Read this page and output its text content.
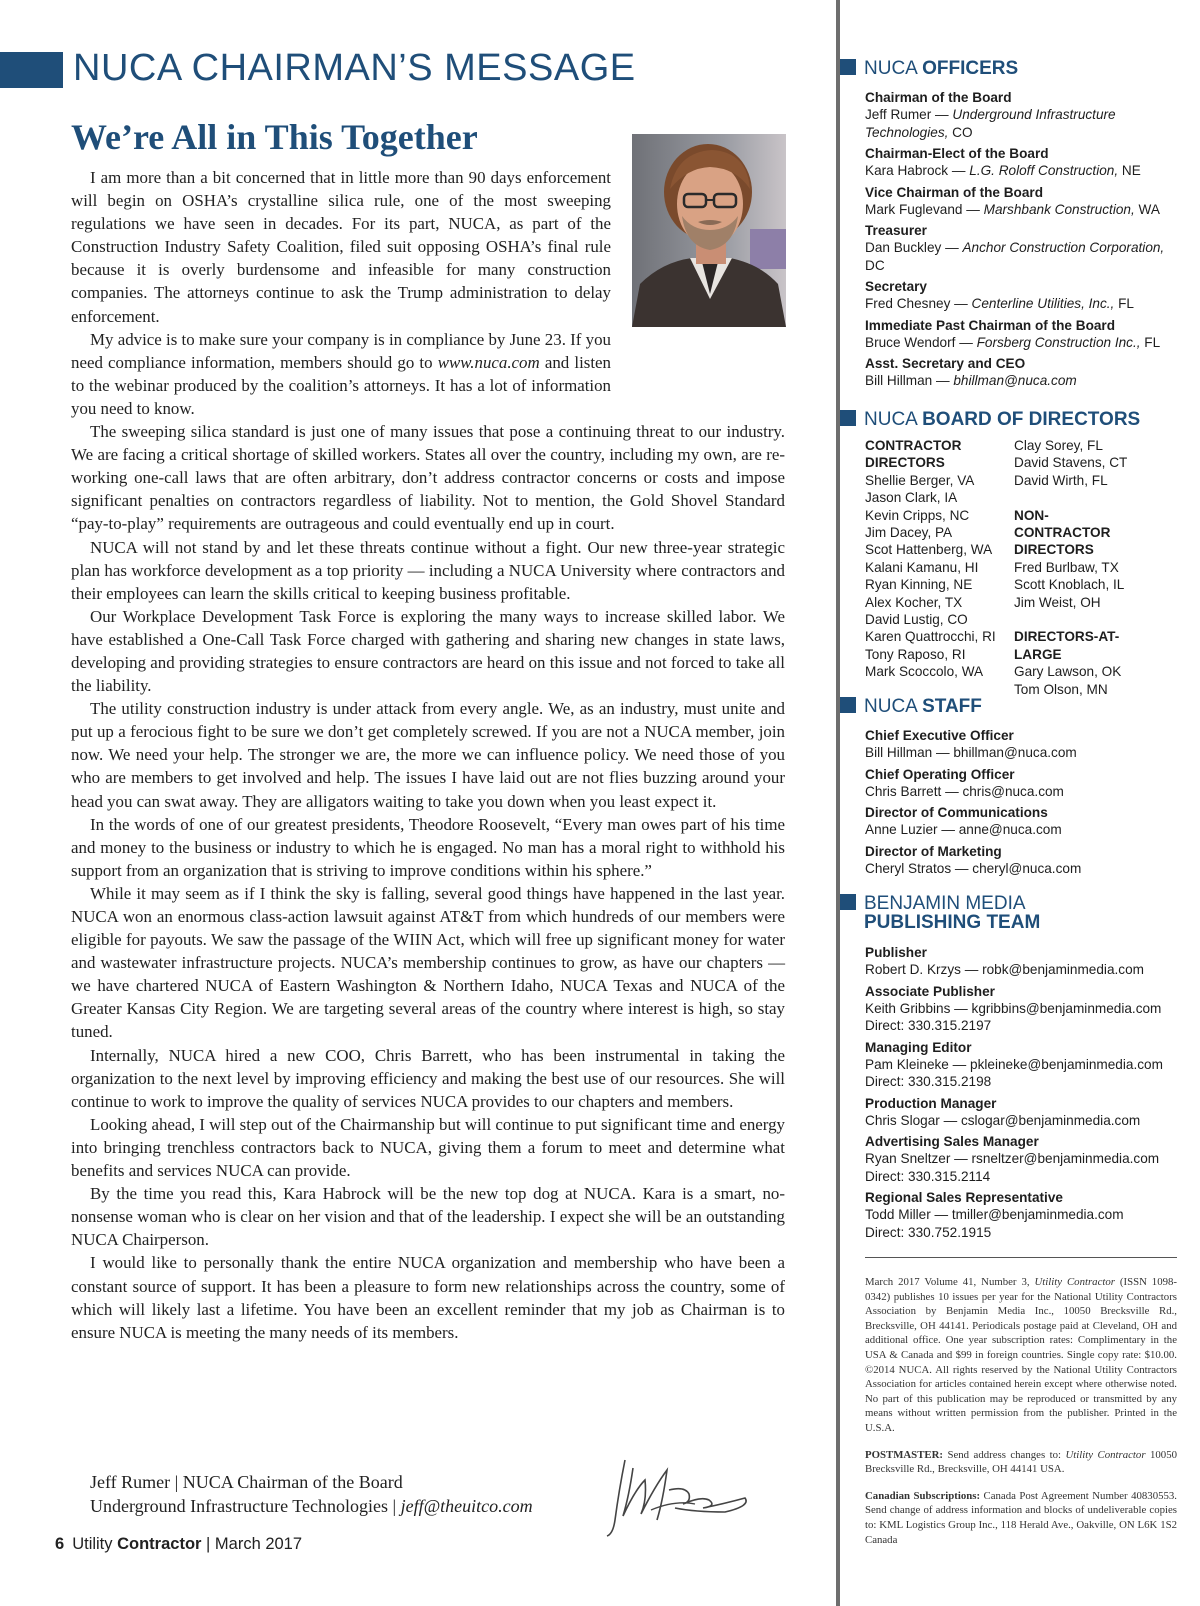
NUCA CHAIRMAN’S MESSAGE
We’re All in This Together

I am more than a bit concerned that in little more than 90 days enforcement will begin on OSHA’s crystalline silica rule, one of the most sweeping regulations we have seen in decades. For its part, NUCA, as part of the Construction Industry Safety Coalition, filed suit opposing OSHA’s final rule because it is overly burdensome and infeasible for many construction companies. The attorneys continue to ask the Trump administration to delay enforcement.

My advice is to make sure your company is in compliance by June 23. If you need compliance information, members should go to www.nuca.com and listen to the webinar produced by the coalition’s attorneys. It has a lot of information you need to know.

The sweeping silica standard is just one of many issues that pose a continuing threat to our industry. We are facing a critical shortage of skilled workers. States all over the country, including my own, are re-working one-call laws that are often arbitrary, don’t address contractor concerns or costs and impose significant penalties on contractors regardless of liability. Not to mention, the Gold Shovel Standard “pay-to-play” requirements are outrageous and could eventually end up in court.

NUCA will not stand by and let these threats continue without a fight. Our new three-year strategic plan has workforce development as a top priority — including a NUCA University where contractors and their employees can learn the skills critical to keeping business profitable.

Our Workplace Development Task Force is exploring the many ways to increase skilled labor. We have established a One-Call Task Force charged with gathering and sharing new changes in state laws, developing and providing strategies to ensure contractors are heard on this issue and not forced to take all the liability.

The utility construction industry is under attack from every angle. We, as an industry, must unite and put up a ferocious fight to be sure we don’t get completely screwed. If you are not a NUCA member, join now. We need your help. The stronger we are, the more we can influence policy. We need those of you who are members to get involved and help. The issues I have laid out are not flies buzzing around your head you can swat away. They are alligators waiting to take you down when you least expect it.

In the words of one of our greatest presidents, Theodore Roosevelt, “Every man owes part of his time and money to the business or industry to which he is engaged. No man has a moral right to withhold his support from an organization that is striving to improve conditions within his sphere.”

While it may seem as if I think the sky is falling, several good things have happened in the last year. NUCA won an enormous class-action lawsuit against AT&T from which hundreds of our members were eligible for payouts. We saw the passage of the WIIN Act, which will free up significant money for water and wastewater infrastructure projects. NUCA’s membership continues to grow, as have our chapters — we have chartered NUCA of Eastern Washington & Northern Idaho, NUCA Texas and NUCA of the Greater Kansas City Region. We are targeting several areas of the country where interest is high, so stay tuned.

Internally, NUCA hired a new COO, Chris Barrett, who has been instrumental in taking the organization to the next level by improving efficiency and making the best use of our resources. She will continue to work to improve the quality of services NUCA provides to our chapters and members.

Looking ahead, I will step out of the Chairmanship but will continue to put significant time and energy into bringing trenchless contractors back to NUCA, giving them a forum to meet and determine what benefits and services NUCA can provide.

By the time you read this, Kara Habrock will be the new top dog at NUCA. Kara is a smart, no-nonsense woman who is clear on her vision and that of the leadership. I expect she will be an outstanding NUCA Chairperson.

I would like to personally thank the entire NUCA organization and membership who have been a constant source of support. It has been a pleasure to form new relationships across the country, some of which will likely last a lifetime. You have been an excellent reminder that my job as Chairman is to ensure NUCA is meeting the many needs of its members.

Jeff Rumer | NUCA Chairman of the Board
Underground Infrastructure Technologies | jeff@theuitco.com
6 Utility Contractor | March 2017
NUCA OFFICERS
Chairman of the Board
Jeff Rumer — Underground Infrastructure Technologies, CO
Chairman-Elect of the Board
Kara Habrock — L.G. Roloff Construction, NE
Vice Chairman of the Board
Mark Fuglevand — Marshbank Construction, WA
Treasurer
Dan Buckley — Anchor Construction Corporation, DC
Secretary
Fred Chesney — Centerline Utilities, Inc., FL
Immediate Past Chairman of the Board
Bruce Wendorf — Forsberg Construction Inc., FL
Asst. Secretary and CEO
Bill Hillman — bhillman@nuca.com
NUCA BOARD OF DIRECTORS
CONTRACTOR DIRECTORS
Shellie Berger, VA
Jason Clark, IA
Kevin Cripps, NC
Jim Dacey, PA
Scot Hattenberg, WA
Kalani Kamanu, HI
Ryan Kinning, NE
Alex Kocher, TX
David Lustig, CO
Karen Quattrocchi, RI
Tony Raposo, RI
Mark Scoccolo, WA
Clay Sorey, FL
David Stavens, CT
David Wirth, FL
NON-CONTRACTOR DIRECTORS
Fred Burlbaw, TX
Scott Knoblach, IL
Jim Weist, OH
DIRECTORS-AT-LARGE
Gary Lawson, OK
Tom Olson, MN
NUCA STAFF
Chief Executive Officer
Bill Hillman — bhillman@nuca.com
Chief Operating Officer
Chris Barrett — chris@nuca.com
Director of Communications
Anne Luzier — anne@nuca.com
Director of Marketing
Cheryl Stratos — cheryl@nuca.com
BENJAMIN MEDIA
PUBLISHING TEAM
Publisher
Robert D. Krzys — robk@benjaminmedia.com
Associate Publisher
Keith Gribbins — kgribbins@benjaminmedia.com
Direct: 330.315.2197
Managing Editor
Pam Kleineke — pkleineke@benjaminmedia.com
Direct: 330.315.2198
Production Manager
Chris Slogar — cslogar@benjaminmedia.com
Advertising Sales Manager
Ryan Sneltzer — rsneltzer@benjaminmedia.com
Direct: 330.315.2114
Regional Sales Representative
Todd Miller — tmiller@benjaminmedia.com
Direct: 330.752.1915

March 2017 Volume 41, Number 3, Utility Contractor (ISSN 1098-0342) publishes 10 issues per year for the National Utility Contractors Association by Benjamin Media Inc., 10050 Brecksville Rd., Brecksville, OH 44141. Periodicals postage paid at Cleveland, OH and additional office. One year subscription rates: Complimentary in the USA & Canada and $99 in foreign countries. Single copy rate: $10.00. ©2014 NUCA. All rights reserved by the National Utility Contractors Association for articles contained herein except where otherwise noted. No part of this publication may be reproduced or transmitted by any means without written permission from the publisher. Printed in the U.S.A.

POSTMASTER: Send address changes to: Utility Contractor 10050 Brecksville Rd., Brecksville, OH 44141 USA.

Canadian Subscriptions: Canada Post Agreement Number 40830553. Send change of address information and blocks of undeliverable copies to: KML Logistics Group Inc., 118 Herald Ave., Oakville, ON L6K 1S2 Canada
